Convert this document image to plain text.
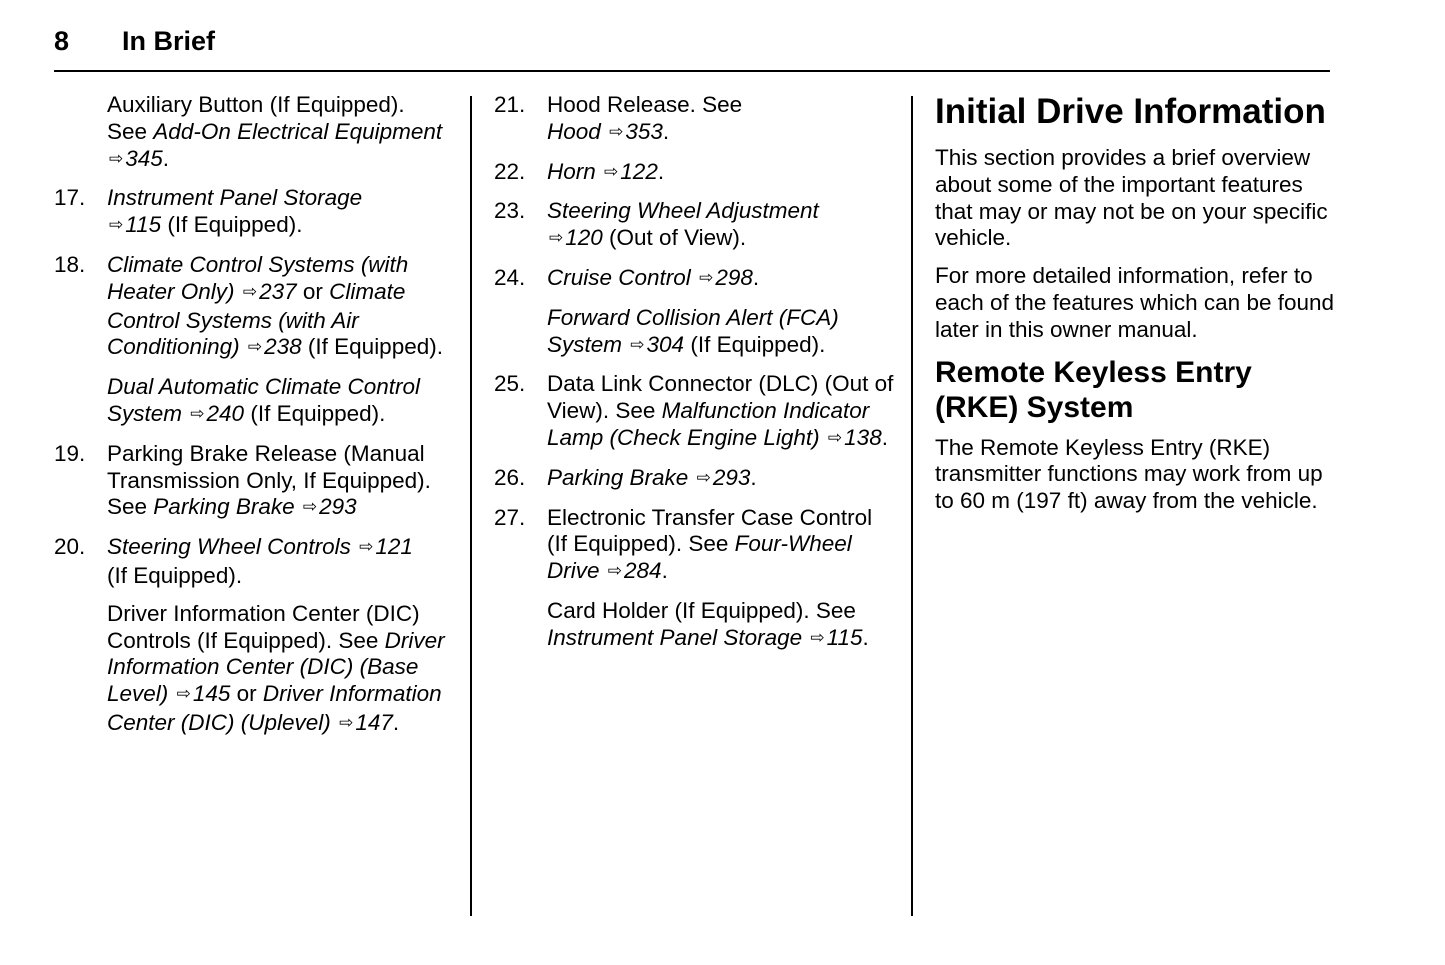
8 In Brief
Auxiliary Button (If Equipped).
See Add-On Electrical Equipment ⇨345.
17. Instrument Panel Storage
⇨115 (If Equipped).
18. Climate Control Systems (with Heater Only) ⇨237 or Climate Control Systems (with Air Conditioning) ⇨238 (If Equipped).
Dual Automatic Climate Control System ⇨240 (If Equipped).
19. Parking Brake Release (Manual Transmission Only, If Equipped). See Parking Brake ⇨293
20. Steering Wheel Controls ⇨121
(If Equipped).
Driver Information Center (DIC) Controls (If Equipped). See Driver Information Center (DIC) (Base Level) ⇨145 or Driver Information Center (DIC) (Uplevel) ⇨147.
21. Hood Release. See
Hood ⇨353.
22. Horn ⇨122.
23. Steering Wheel Adjustment
⇨120 (Out of View).
24. Cruise Control ⇨298.
Forward Collision Alert (FCA) System ⇨304 (If Equipped).
25. Data Link Connector (DLC) (Out of View). See Malfunction Indicator Lamp (Check Engine Light) ⇨138.
26. Parking Brake ⇨293.
27. Electronic Transfer Case Control (If Equipped). See Four-Wheel Drive ⇨284.
Card Holder (If Equipped). See Instrument Panel Storage ⇨115.
Initial Drive Information
This section provides a brief overview about some of the important features that may or may not be on your specific vehicle.
For more detailed information, refer to each of the features which can be found later in this owner manual.
Remote Keyless Entry (RKE) System
The Remote Keyless Entry (RKE) transmitter functions may work from up to 60 m (197 ft) away from the vehicle.
